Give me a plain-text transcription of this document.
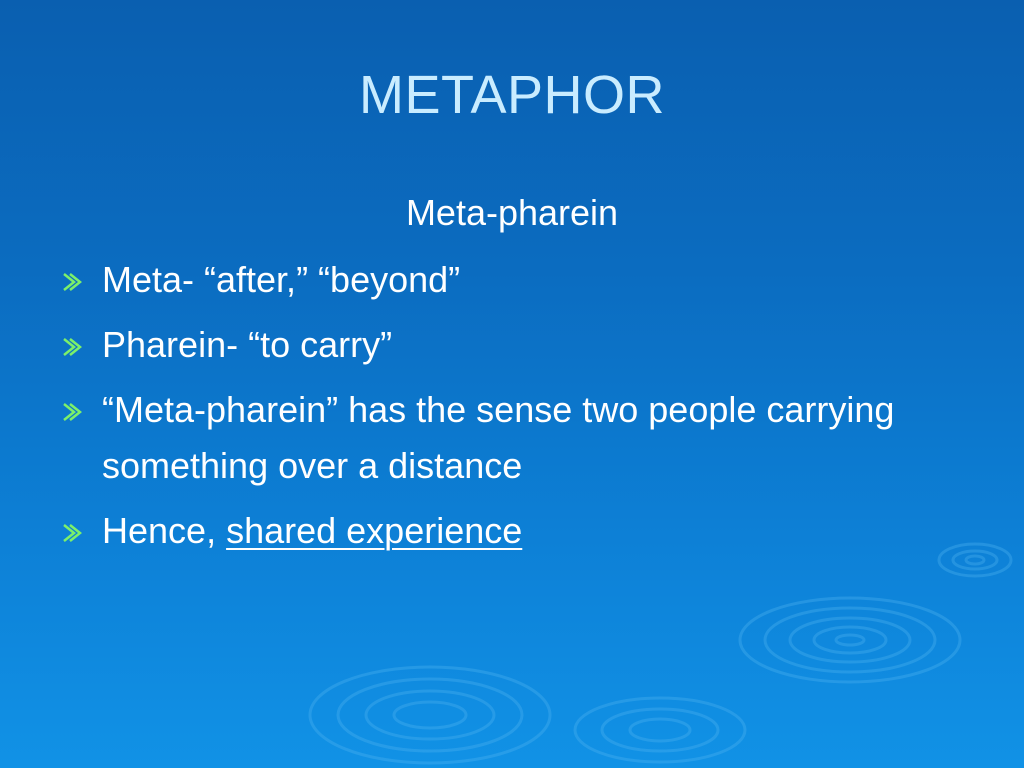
METAPHOR
Meta-pharein
Meta- “after,” “beyond”
Pharein- “to carry”
“Meta-pharein” has the sense two people carrying something over a distance
Hence, shared experience
